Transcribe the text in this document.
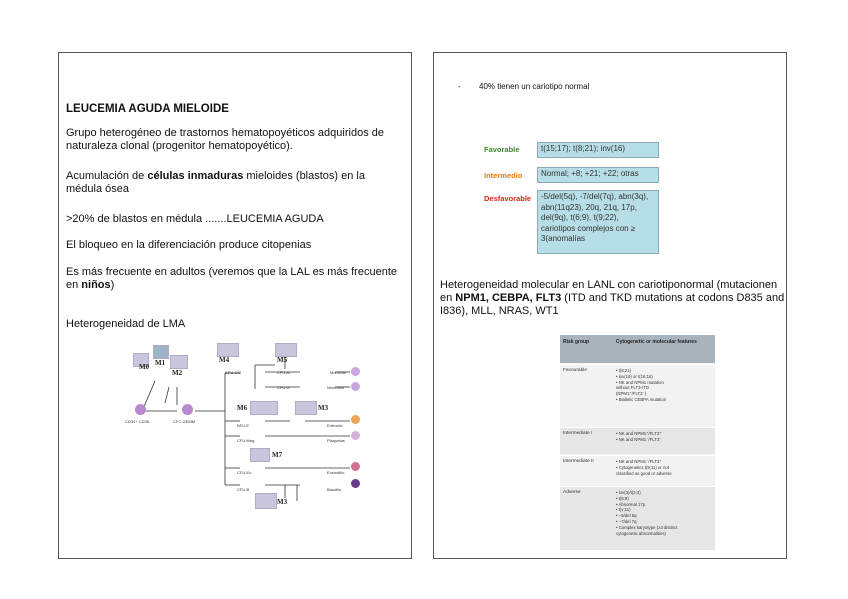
LEUCEMIA AGUDA MIELOIDE
Grupo heterogéneo de trastornos hematopoyéticos adquiridos de naturaleza clonal (progenitor hematopoyético).
Acumulación de células inmaduras mieloides (blastos) en la médula ósea
>20% de blastos en médula .......LEUCEMIA AGUDA
El bloqueo en la diferenciación produce citopenias
Es más frecuente en adultos (veremos que la LAL es más frecuente en niños)
Heterogeneidad de LMA
M0 M1
M2
M4	M5
M6	M3
M7
M3
CD34+ CD38-	CFC-GEMM
CFU-GM	CFU-M
CFU-G
BFU-E
CFU-Meg
CFU-Eo
CFU-B
Monocito
Neutrófilo
Eritrocito
Plaquetas
Eosinófilo
Basófilo
- 40% tienen un cariotipo normal
Favorable	t(15;17); t(8;21); inv(16)
Intermedio	Normal; +8; +21; +22; otras
Desfavorable	-5/del(5q), -7/del(7q), abn(3q), abn(11q23), 20q, 21q, 17p, del(9q), t(6;9), t(9;22), cariotipos complejos con ≥ 3(anomalías
Heterogeneidad molecular en LANL con cariotiponormal (mutacionen en NPM1, CEBPA, FLT3 (ITD and TKD mutations at codons D835 and I836), MLL, NRAS, WT1
Risk group	Cytogenetic or molecular features
Favourable	• t(8;21)
• inv(16) or t(16;16)
• NK and NPM1 mutation
without FLT3-ITD
(NPM1⁺/FLT3⁻)
• Biallelic CEBPA mutation
Intermediate I	• NK and NPM1⁺/FLT3⁺
• NK and NPM1⁻/FLT3⁻
Intermediate II	• NK and NPM1⁻/FLT3⁺
• Cytogenetics t(9;11) or not
classified as good or adverse
Adverse	• inv(3)/t(3;3)
• t(6;9)
• Abnormal 17p
• t(v;11)
• −5/del 5q
• −7/del 7q
• Complex karyotype (≥3 distinct
cytogenetic abnormalities)
